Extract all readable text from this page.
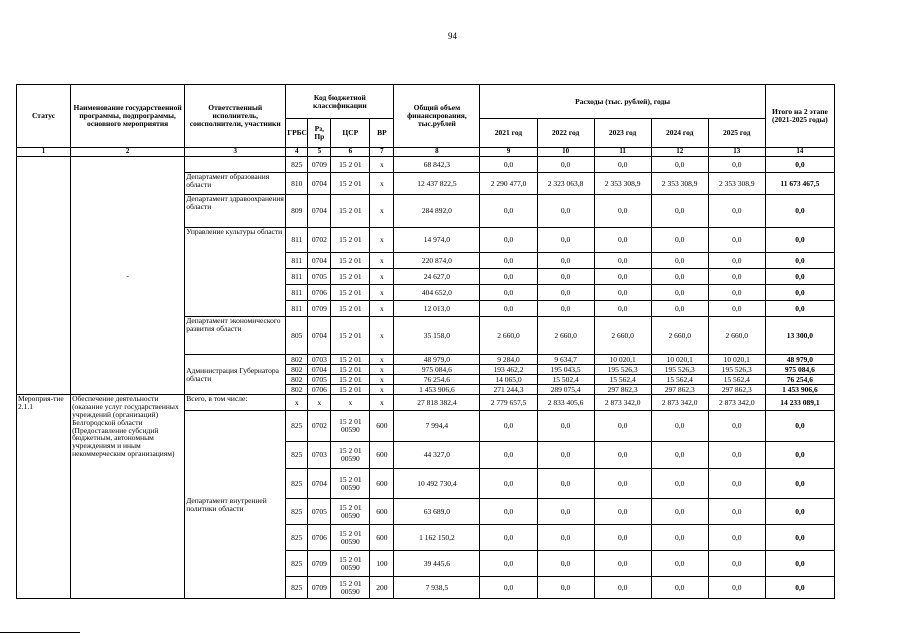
94
Статус	Наименование государственной программы, подпрограммы, основного мероприятия	Ответственный исполнитель, соисполнители, участники	Код бюджетной классификации				Общий объем финансирования, тыс.рублей	Расходы (тыс. рублей), годы					Итого на 2 этапе (2021-2025 годы)
			ГРБС	Рз, Пр	ЦСР	ВР		2021 год	2022 год	2023 год	2024 год	2025 год	
1	2	3	4	5	6	7	8	9	10	11	12	13	14
	-		825	0709	15 2 01	х	68 842,3	0,0	0,0	0,0	0,0	0,0	0,0
		Департамент образования области	810	0704	15 2 01	х	12 437 822,5	2 290 477,0	2 323 063,8	2 353 308,9	2 353 308,9	2 353 308,9	11 673 467,5
		Департамент здравоохранения области	809	0704	15 2 01	х	284 892,0	0,0	0,0	0,0	0,0	0,0	0,0
		Управление культуры области	811	0702	15 2 01	х	14 974,0	0,0	0,0	0,0	0,0	0,0	0,0
			811	0704	15 2 01	х	220 874,0	0,0	0,0	0,0	0,0	0,0	0,0
			811	0705	15 2 01	х	24 627,0	0,0	0,0	0,0	0,0	0,0	0,0
			811	0706	15 2 01	х	404 652,0	0,0	0,0	0,0	0,0	0,0	0,0
			811	0709	15 2 01	х	12 013,0	0,0	0,0	0,0	0,0	0,0	0,0
		Департамент экономического развития области	805	0704	15 2 01	х	35 158,0	2 660,0	2 660,0	2 660,0	2 660,0	2 660,0	13 300,0
		Администрация Губернатора области	802	0703	15 2 01	х	48 979,0	9 284,0	9 634,7	10 020,1	10 020,1	10 020,1	48 979,0
			802	0704	15 2 01	х	975 084,6	193 462,2	195 043,5	195 526,3	195 526,3	195 526,3	975 084,6
			802	0705	15 2 01	х	76 254,6	14 065,0	15 502,4	15 562,4	15 562,4	15 562,4	76 254,6
			802	0706	15 2 01	х	1 453 906,6	271 244,3	289 075,4	297 862,3	297 862,3	297 862,3	1 453 906,6
Мероприя-тие 2.1.1	Обеспечение деятельности (оказание услуг государственных учреждений (организаций) Белгородской области (Предоставление субсидий бюджетным, автономным учреждениям и иным некоммерческим организациям)	Всего, в том числе:	х	х	х	х	27 818 382,4	2 779 657,5	2 833 405,6	2 873 342,0	2 873 342,0	2 873 342,0	14 233 089,1
		Департамент внутренней политики области	825	0702	15 2 01 00590	600	7 994,4	0,0	0,0	0,0	0,0	0,0	0,0
			825	0703	15 2 01 00590	600	44 327,0	0,0	0,0	0,0	0,0	0,0	0,0
			825	0704	15 2 01 00590	600	10 492 730,4	0,0	0,0	0,0	0,0	0,0	0,0
			825	0705	15 2 01 00590	600	63 689,0	0,0	0,0	0,0	0,0	0,0	0,0
			825	0706	15 2 01 00590	600	1 162 150,2	0,0	0,0	0,0	0,0	0,0	0,0
			825	0709	15 2 01 00590	100	39 445,6	0,0	0,0	0,0	0,0	0,0	0,0
			825	0709	15 2 01 00590	200	7 938,5	0,0	0,0	0,0	0,0	0,0	0,0
